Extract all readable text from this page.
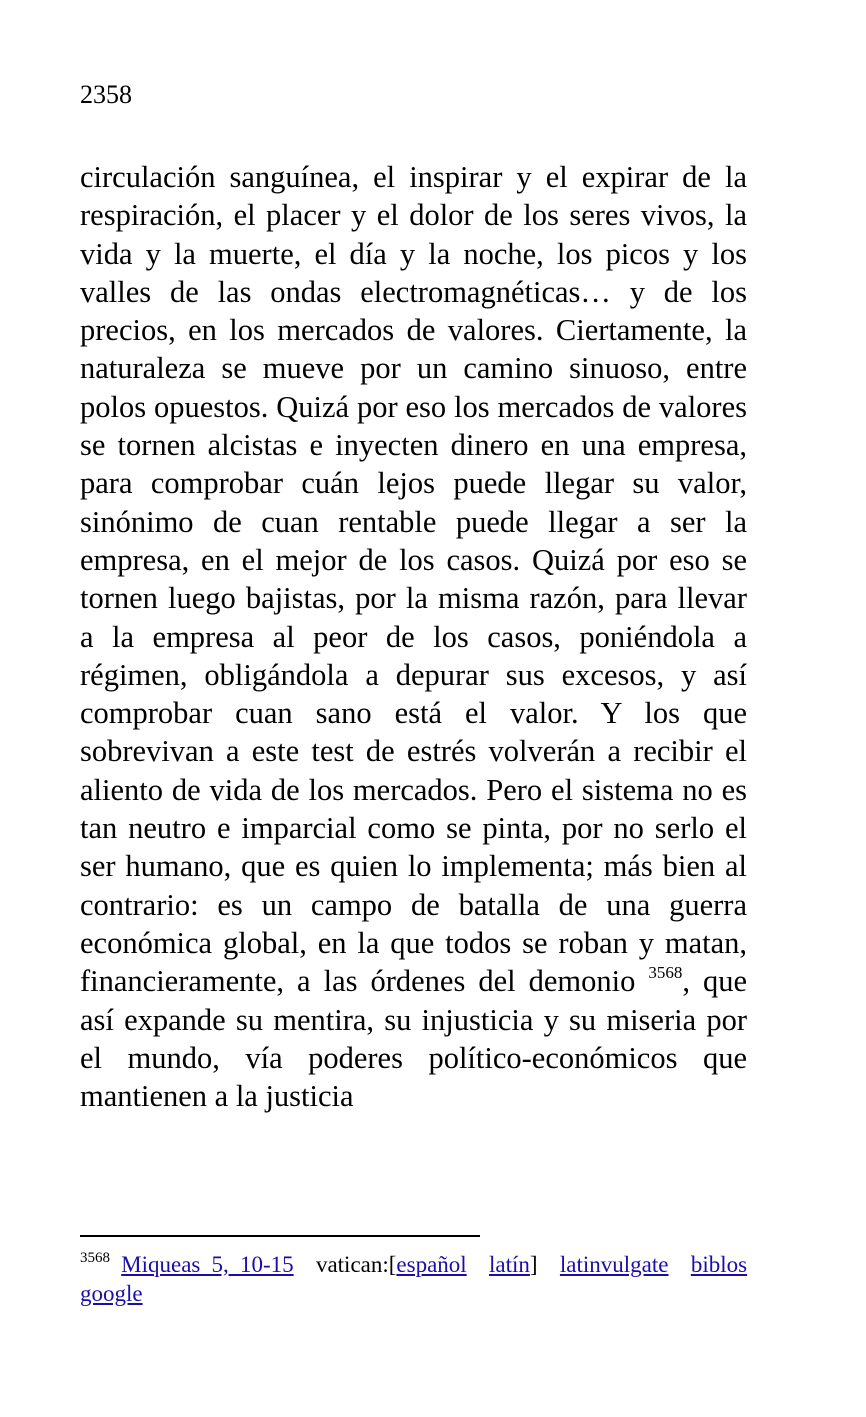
2358

circulación sanguínea, el inspirar y el expirar de la respiración, el placer y el dolor de los seres vivos, la vida y la muerte, el día y la noche, los picos y los valles de las ondas electromagnéticas… y de los precios, en los mercados de valores. Ciertamente, la naturaleza se mueve por un camino sinuoso, entre polos opuestos. Quizá por eso los mercados de valores se tornen alcistas e inyecten dinero en una empresa, para comprobar cuán lejos puede llegar su valor, sinónimo de cuan rentable puede llegar a ser la empresa, en el mejor de los casos. Quizá por eso se tornen luego bajistas, por la misma razón, para llevar a la empresa al peor de los casos, poniéndola a régimen, obligándola a depurar sus excesos, y así comprobar cuan sano está el valor. Y los que sobrevivan a este test de estrés volverán a recibir el aliento de vida de los mercados. Pero el sistema no es tan neutro e imparcial como se pinta, por no serlo el ser humano, que es quien lo implementa; más bien al contrario: es un campo de batalla de una guerra económica global, en la que todos se roban y matan, financieramente, a las órdenes del demonio $^{3568}$, que así expande su mentira, su injusticia y su miseria por el mundo, vía poderes político-económicos que mantienen a la justicia

$^{3568}$ Miqueas 5, 10-15 vatican:[español latín] latinvulgate biblos google
